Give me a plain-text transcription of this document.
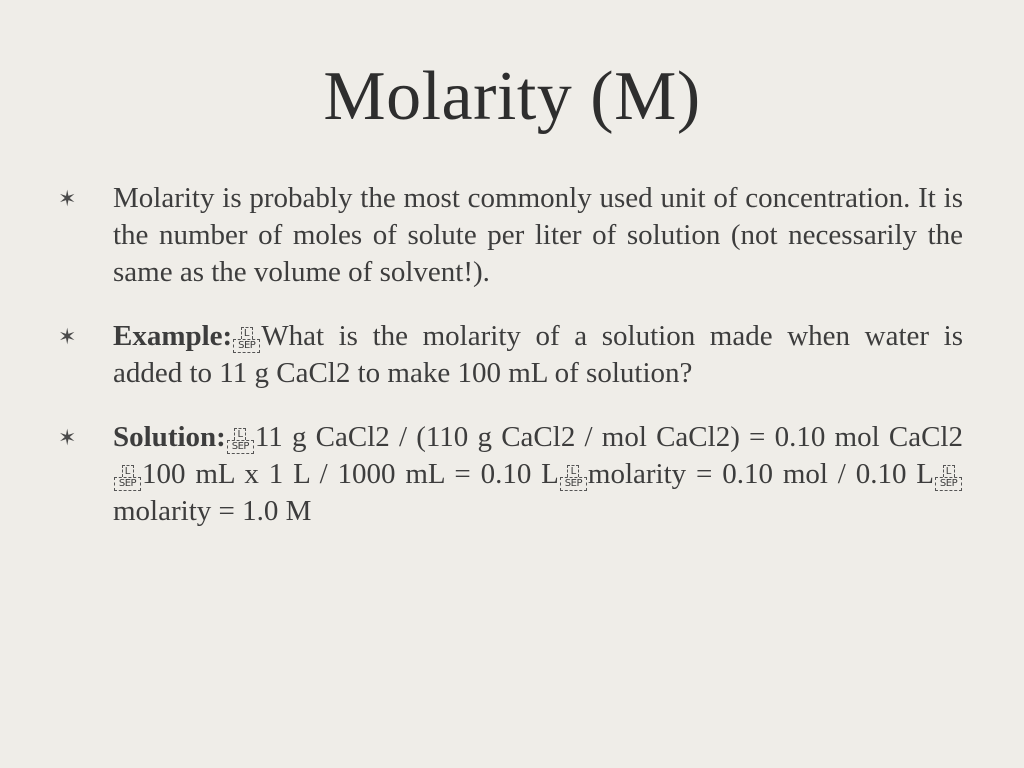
Molarity (M)
✶ Molarity is probably the most commonly used unit of concentration. It is the number of moles of solute per liter of solution (not necessarily the same as the volume of solvent!).
✶ Example:	L
SEP What is the molarity of a solution made when water is added to 11 g CaCl2 to make 100 mL of solution?
✶ Solution:	L
SEP 11 g CaCl2 / (110 g CaCl2 / mol CaCl2) = 0.10 mol CaCl2
L
SEP 100 mL x 1 L / 1000 mL = 0.10 L	L
SEP molarity = 0.10 mol / 0.10 L	L
SEP
molarity = 1.0 M
